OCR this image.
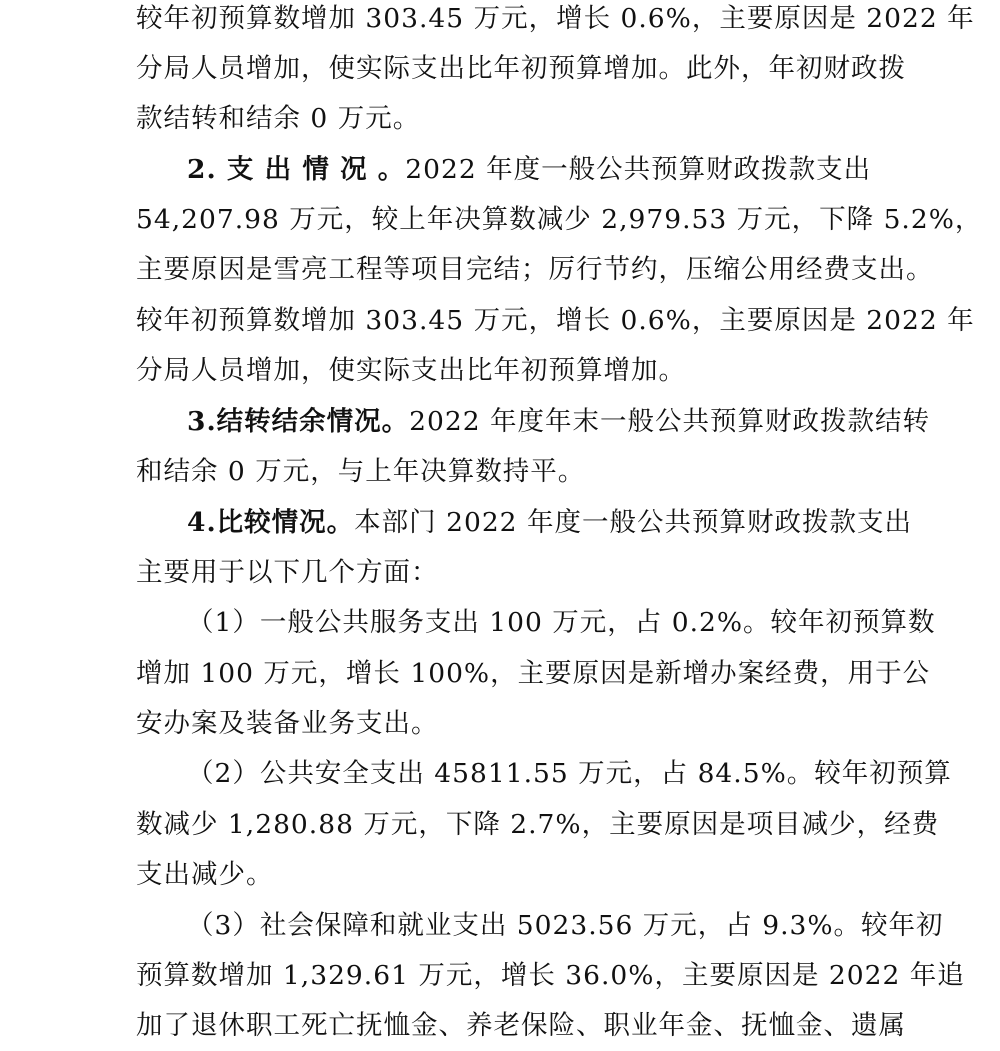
较年初预算数增加 303.45 万元，增长 0.6%，主要原因是 2022 年
分局人员增加，使实际支出比年初预算增加。此外，年初财政拨
款结转和结余 0 万元。
2. 支 出 情 况 。2022 年度一般公共预算财政拨款支出
54,207.98 万元，较上年决算数减少 2,979.53 万元，下降 5.2%，
主要原因是雪亮工程等项目完结；厉行节约，压缩公用经费支出。
较年初预算数增加 303.45 万元，增长 0.6%，主要原因是 2022 年
分局人员增加，使实际支出比年初预算增加。
3.结转结余情况。2022 年度年末一般公共预算财政拨款结转
和结余 0 万元，与上年决算数持平。
4.比较情况。本部门 2022 年度一般公共预算财政拨款支出
主要用于以下几个方面：
（1）一般公共服务支出 100 万元，占 0.2%。较年初预算数
增加 100 万元，增长 100%，主要原因是新增办案经费，用于公
安办案及装备业务支出。
（2）公共安全支出 45811.55 万元，占 84.5%。较年初预算
数减少 1,280.88 万元，下降 2.7%，主要原因是项目减少，经费
支出减少。
（3）社会保障和就业支出 5023.56 万元，占 9.3%。较年初
预算数增加 1,329.61 万元，增长 36.0%，主要原因是 2022 年追
加了退休职工死亡抚恤金、养老保险、职业年金、抚恤金、遗属
